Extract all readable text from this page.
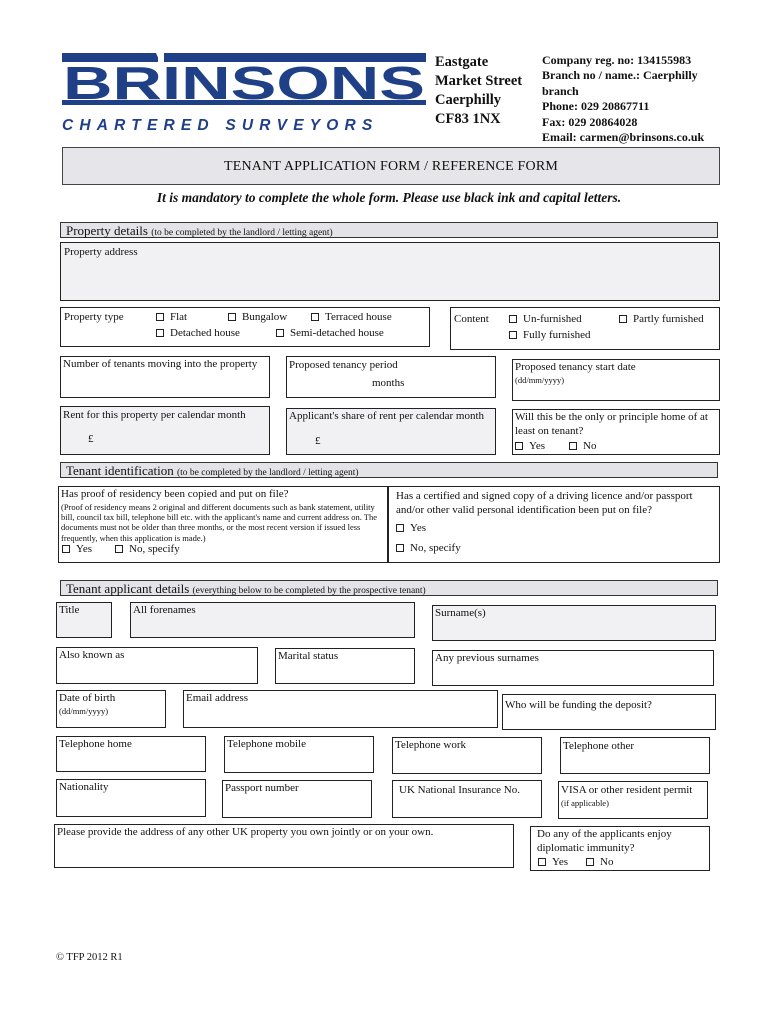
BRINSONS
CHARTERED SURVEYORS
Eastgate
Market Street
Caerphilly
CF83 1NX
Company reg. no: 134155983
Branch no / name.: Caerphilly
branch
Phone: 029 20867711
Fax: 029 20864028
Email: carmen@brinsons.co.uk
TENANT APPLICATION FORM / REFERENCE FORM
It is mandatory to complete the whole form. Please use black ink and capital letters.
Property details (to be completed by the landlord / letting agent)
Property address
Property type	Flat	Bungalow	Terraced house
Detached house	Semi-detached house
Content	Un-furnished	Partly furnished
Fully furnished
Number of tenants moving into the property	Proposed tenancy period
months
Proposed tenancy start date
(dd/mm/yyyy)
Rent for this property per calendar month
£
Applicant's share of rent per calendar month
£
Will this be the only or principle home of at least on tenant?
Yes	No
Tenant identification (to be completed by the landlord / letting agent)
Has proof of residency been copied and put on file?
(Proof of residency means 2 original and different documents such as bank statement, utility bill, council tax bill, telephone bill etc. with the applicant's name and current address on. The documents must not be older than three months, or the most recent version if issued less frequently, when this application is made.)
Yes	No, specify
Has a certified and signed copy of a driving licence and/or passport and/or other valid personal identification been put on file?
Yes
No, specify
Tenant applicant details (everything below to be completed by the prospective tenant)
Title	All forenames	Surname(s)
Also known as	Marital status	Any previous surnames
Date of birth
(dd/mm/yyyy)
Email address
Who will be funding the deposit?
Telephone home	Telephone mobile	Telephone work	Telephone other
Nationality	Passport number	UK National Insurance No.	VISA or other resident permit
(if applicable)
Please provide the address of any other UK property you own jointly or on your own.	Do any of the applicants enjoy diplomatic immunity?
Yes	No
© TFP 2012 R1
